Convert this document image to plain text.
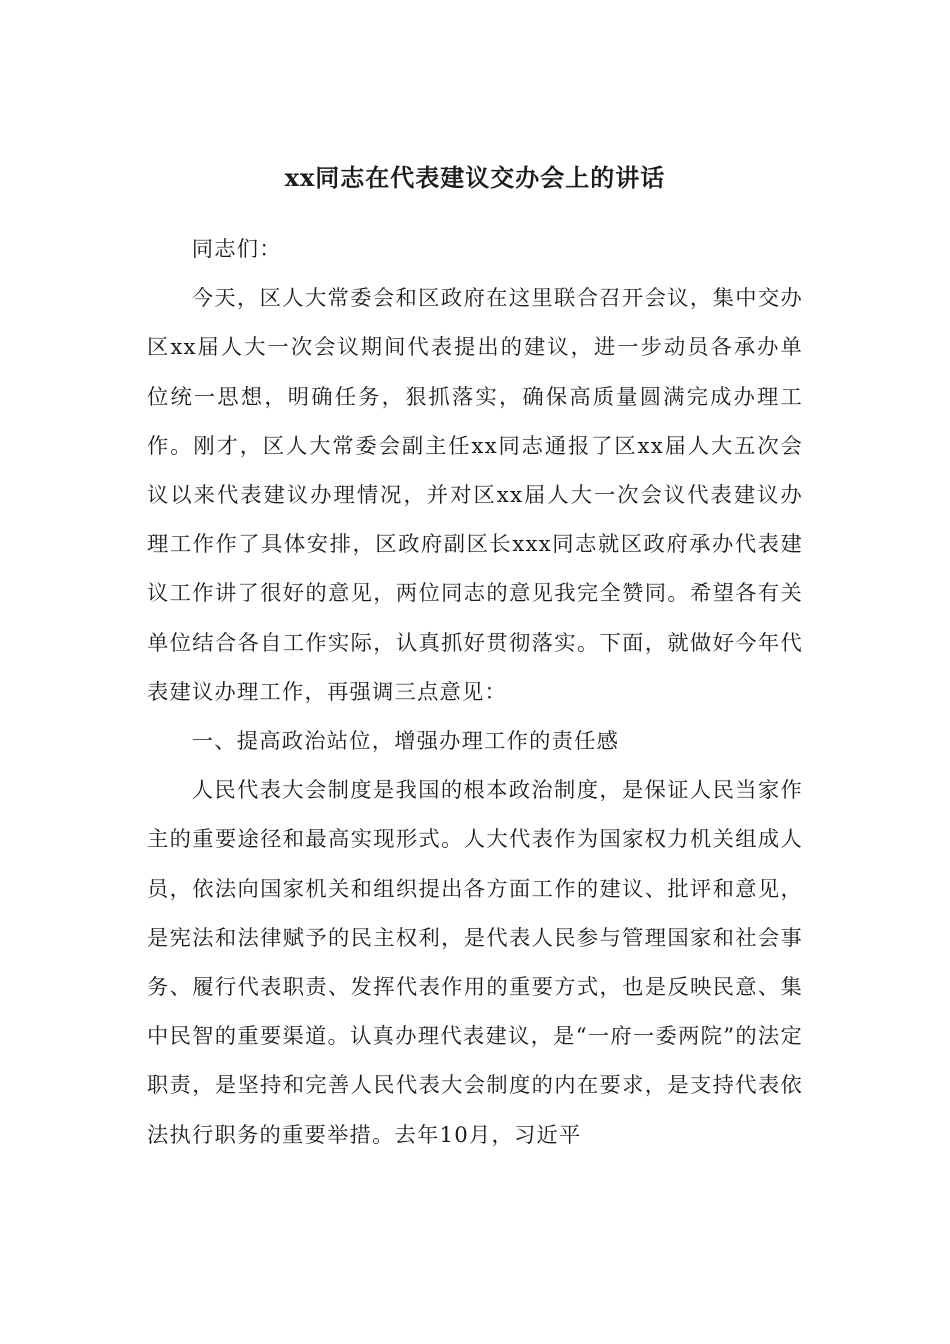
xx同志在代表建议交办会上的讲话

同志们：

今天，区人大常委会和区政府在这里联合召开会议，集中交办区xx届人大一次会议期间代表提出的建议，进一步动员各承办单位统一思想，明确任务，狠抓落实，确保高质量圆满完成办理工作。刚才，区人大常委会副主任xx同志通报了区xx届人大五次会议以来代表建议办理情况，并对区xx届人大一次会议代表建议办理工作作了具体安排，区政府副区长xxx同志就区政府承办代表建议工作讲了很好的意见，两位同志的意见我完全赞同。希望各有关单位结合各自工作实际，认真抓好贯彻落实。下面，就做好今年代表建议办理工作，再强调三点意见：

一、提高政治站位，增强办理工作的责任感

人民代表大会制度是我国的根本政治制度，是保证人民当家作主的重要途径和最高实现形式。人大代表作为国家权力机关组成人员，依法向国家机关和组织提出各方面工作的建议、批评和意见，是宪法和法律赋予的民主权利，是代表人民参与管理国家和社会事务、履行代表职责、发挥代表作用的重要方式，也是反映民意、集中民智的重要渠道。认真办理代表建议，是“一府一委两院”的法定职责，是坚持和完善人民代表大会制度的内在要求，是支持代表依法执行职务的重要举措。去年10月，习近平
